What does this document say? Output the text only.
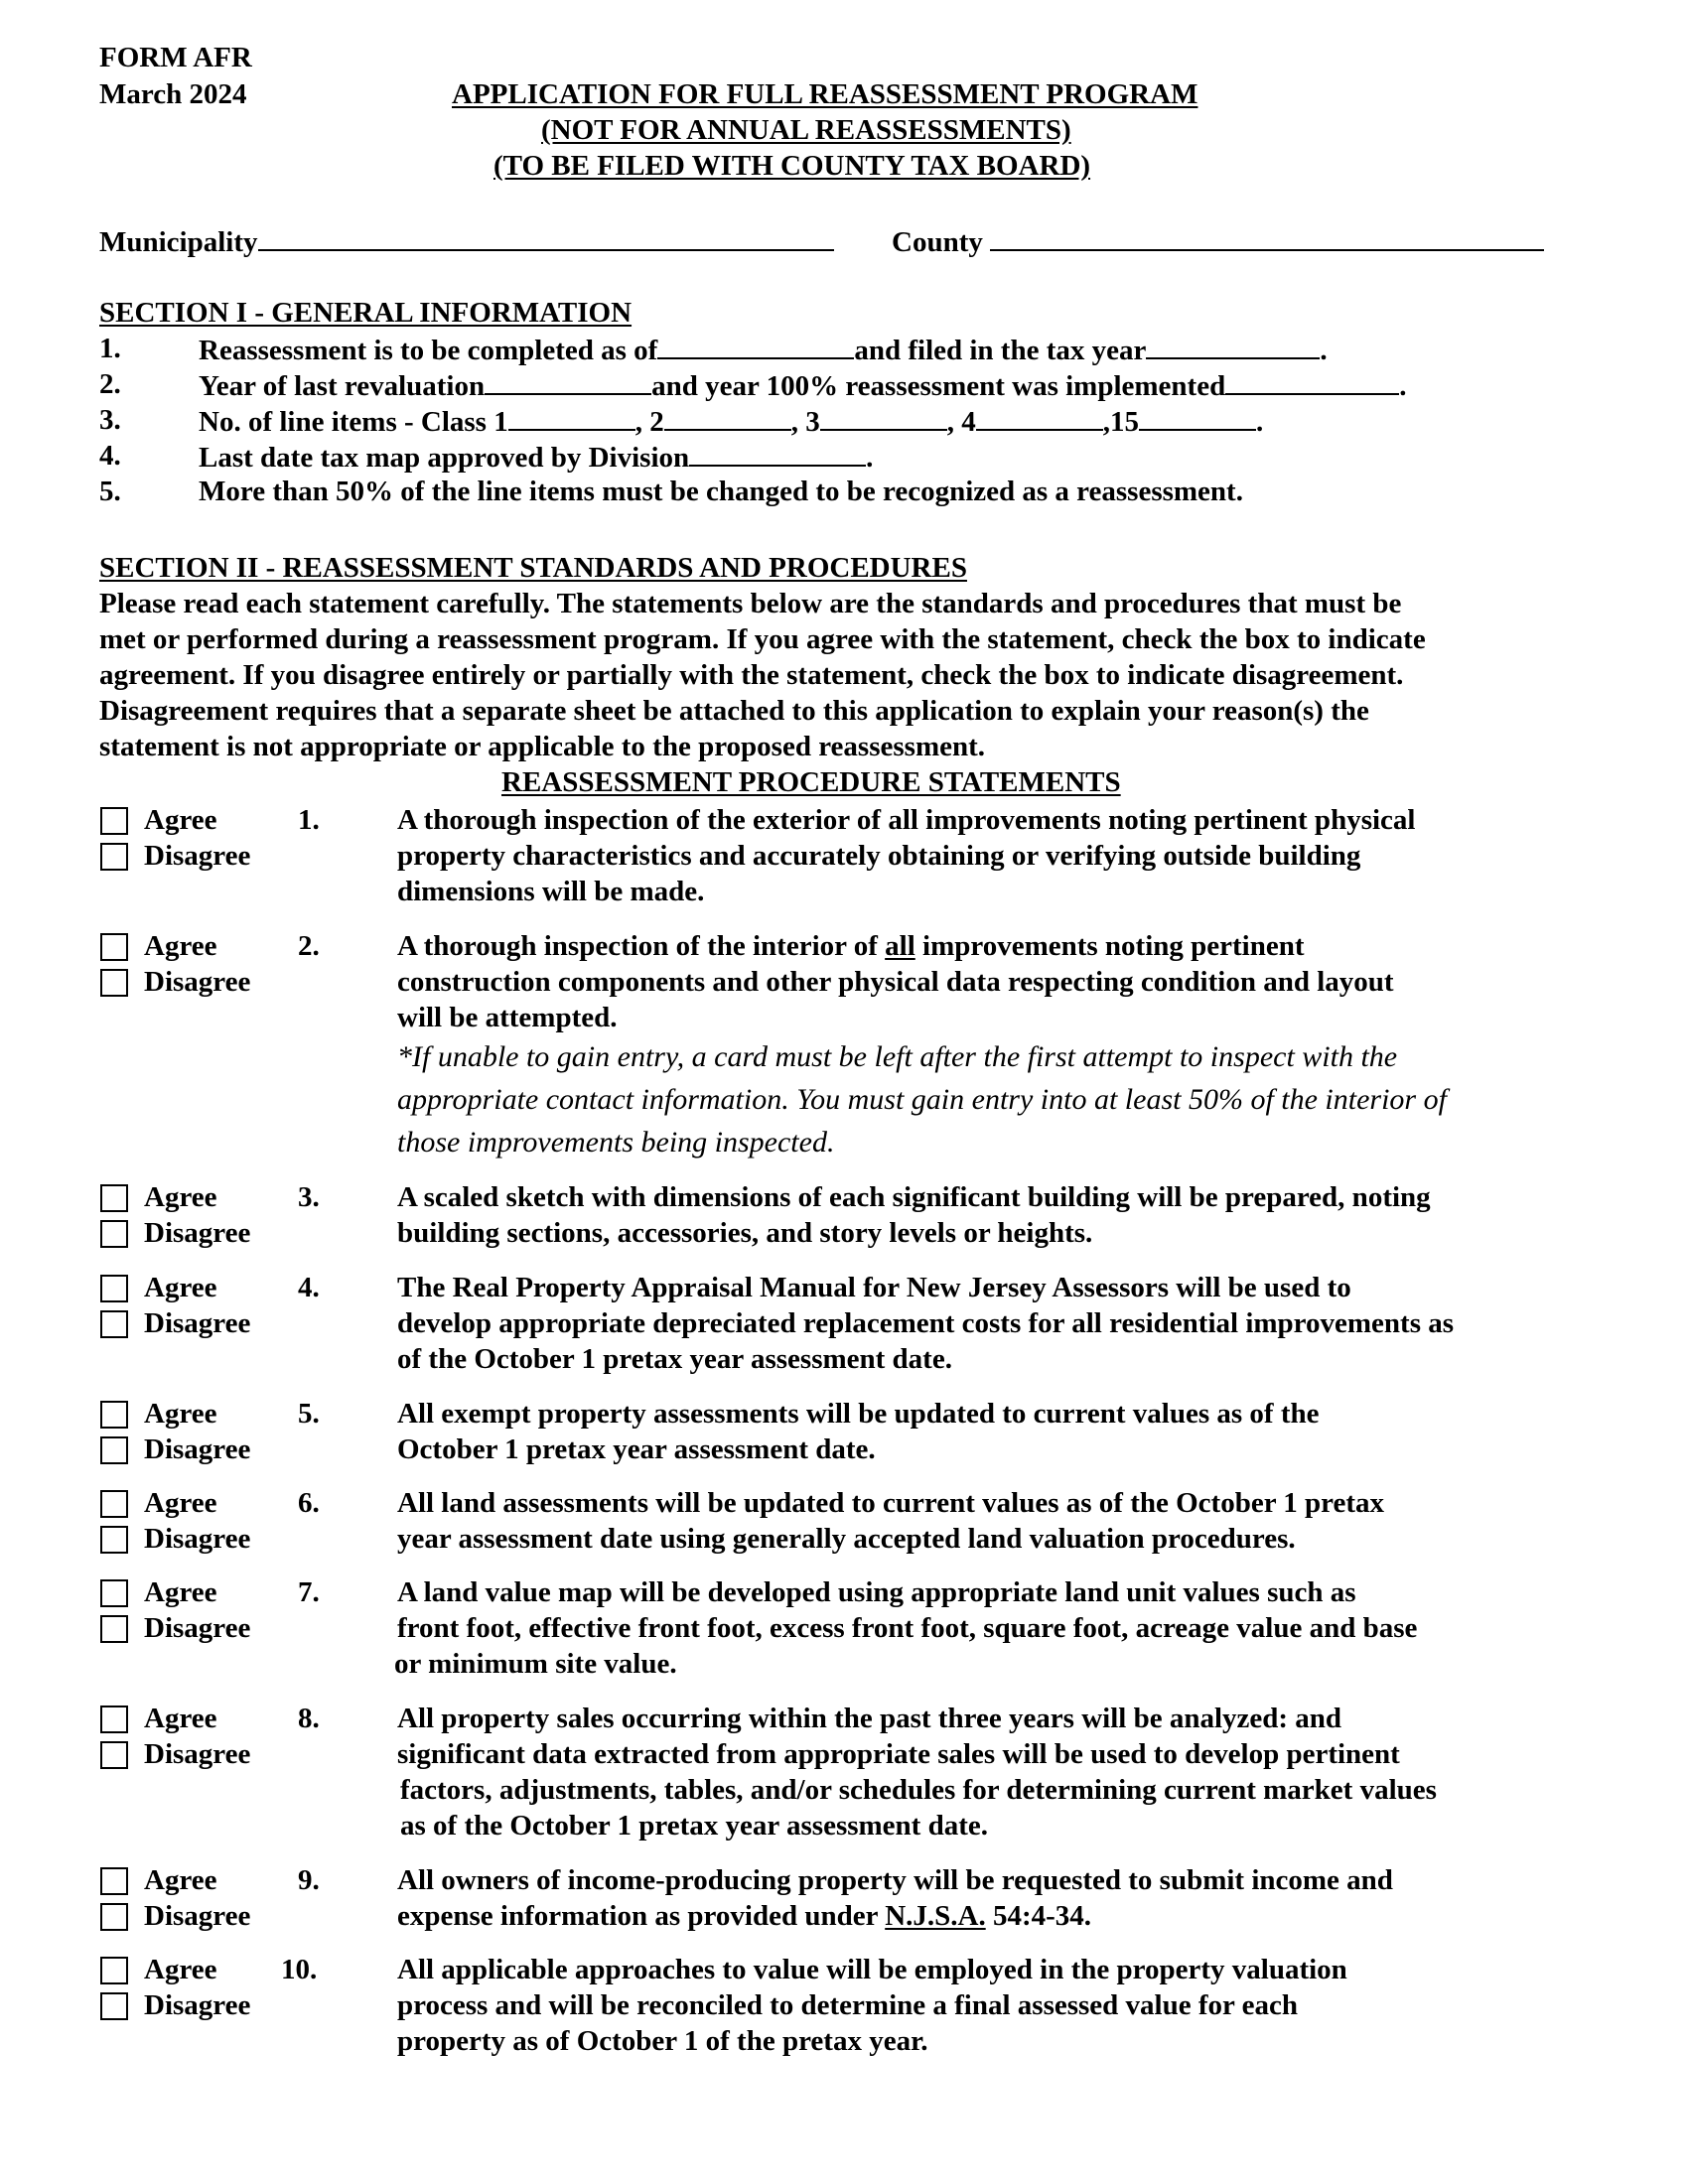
FORM AFR
March 2024	APPLICATION FOR FULL REASSESSMENT PROGRAM
(NOT FOR ANNUAL REASSESSMENTS)
(TO BE FILED WITH COUNTY TAX BOARD)
Municipality	County
SECTION I - GENERAL INFORMATION
1.	Reassessment is to be completed as of	and filed in the tax year	.
2.	Year of last revaluation	and year 100% reassessment was implemented	.
3.	No. of line items - Class 1	, 2	, 3	, 4	,15	.
4.	Last date tax map approved by Division	.
5.	More than 50% of the line items must be changed to be recognized as a reassessment.
SECTION II - REASSESSMENT STANDARDS AND PROCEDURES
Please read each statement carefully. The statements below are the standards and procedures that must be
met or performed during a reassessment program. If you agree with the statement, check the box to indicate
agreement. If you disagree entirely or partially with the statement, check the box to indicate disagreement.
Disagreement requires that a separate sheet be attached to this application to explain your reason(s) the
statement is not appropriate or applicable to the proposed reassessment.
REASSESSMENT PROCEDURE STATEMENTS
Agree
Disagree
1.	A thorough inspection of the exterior of all improvements noting pertinent physical
property characteristics and accurately obtaining or verifying outside building
dimensions will be made.
Agree
Disagree
2.	A thorough inspection of the interior of all improvements noting pertinent
construction components and other physical data respecting condition and layout
will be attempted.
*If unable to gain entry, a card must be left after the first attempt to inspect with the
appropriate contact information. You must gain entry into at least 50% of the interior of
those improvements being inspected.
Agree
Disagree
3.	A scaled sketch with dimensions of each significant building will be prepared, noting
building sections, accessories, and story levels or heights.
Agree
Disagree
4.	The Real Property Appraisal Manual for New Jersey Assessors will be used to
develop appropriate depreciated replacement costs for all residential improvements as
of the October 1 pretax year assessment date.
Agree
Disagree
5.	All exempt property assessments will be updated to current values as of the
October 1 pretax year assessment date.
Agree
Disagree
6.	All land assessments will be updated to current values as of the October 1 pretax
year assessment date using generally accepted land valuation procedures.
Agree
Disagree
7.	A land value map will be developed using appropriate land unit values such as
front foot, effective front foot, excess front foot, square foot, acreage value and base
or minimum site value.
Agree
Disagree
8.	All property sales occurring within the past three years will be analyzed: and
significant data extracted from appropriate sales will be used to develop pertinent
factors, adjustments, tables, and/or schedules for determining current market values
as of the October 1 pretax year assessment date.
Agree
Disagree
9.	All owners of income-producing property will be requested to submit income and
expense information as provided under N.J.S.A. 54:4-34.
Agree
Disagree
10.	All applicable approaches to value will be employed in the property valuation
process and will be reconciled to determine a final assessed value for each
property as of October 1 of the pretax year.
